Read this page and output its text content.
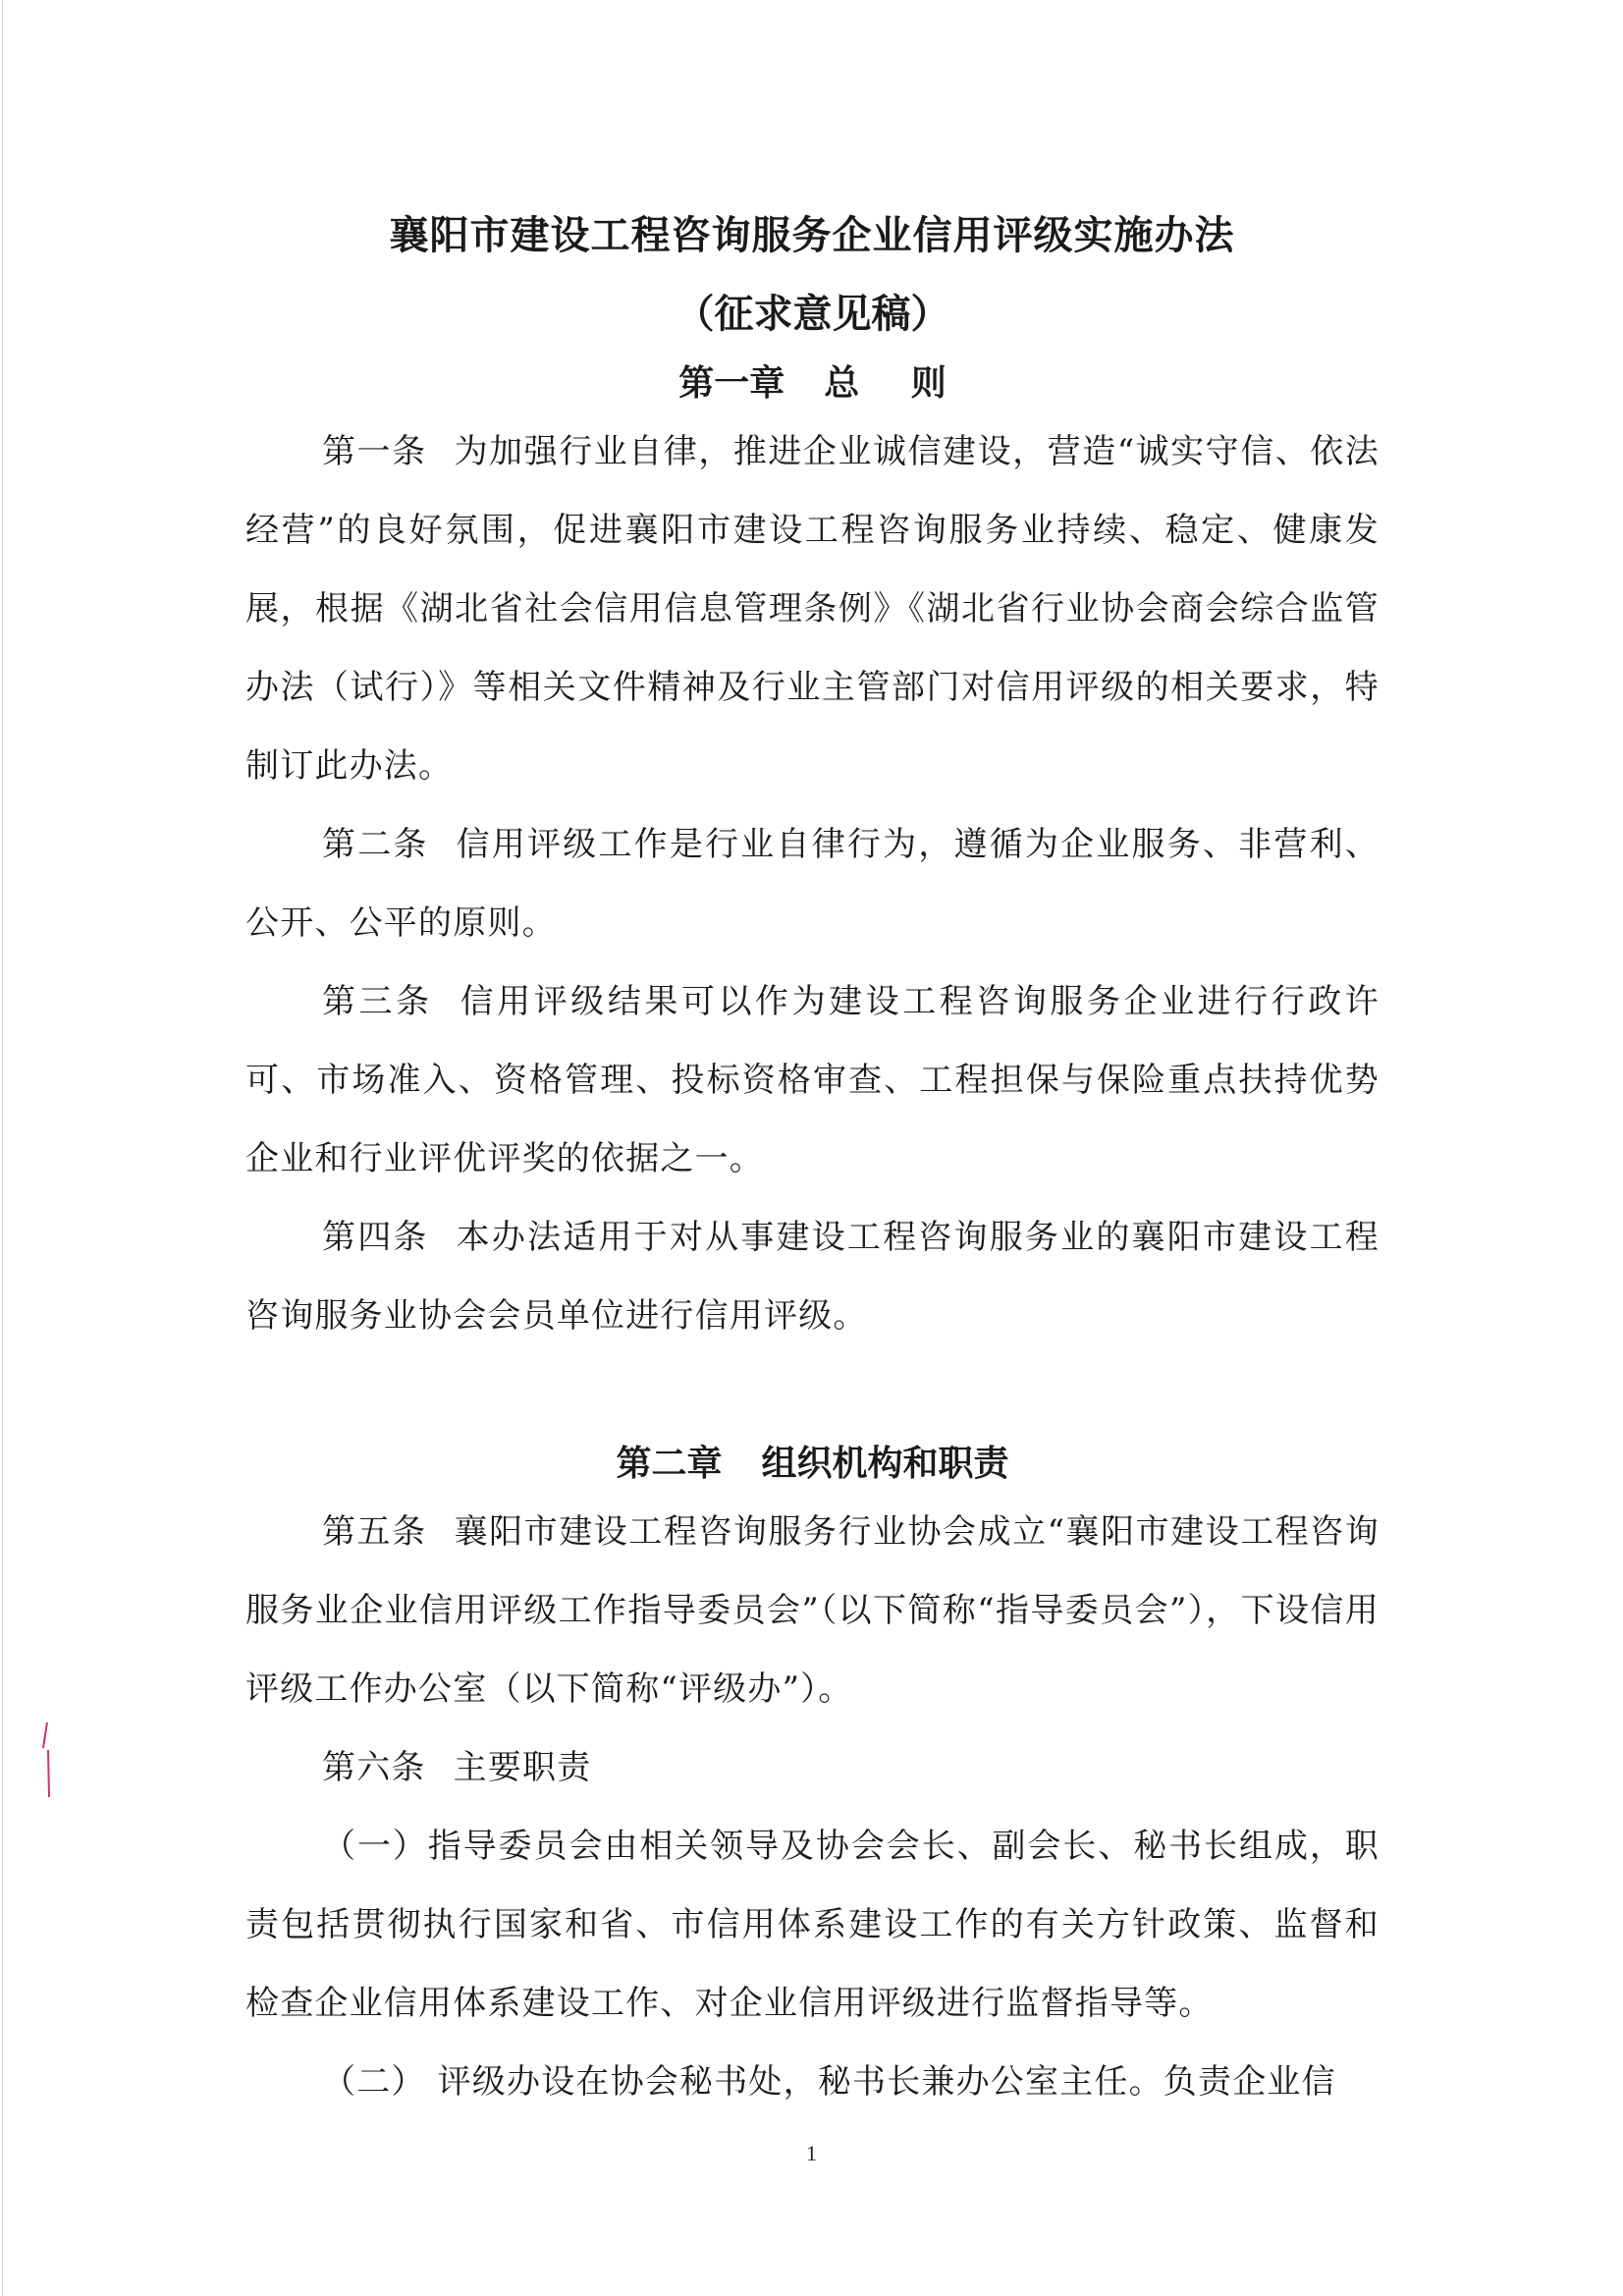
襄阳市建设工程咨询服务企业信用评级实施办法
（征求意见稿）
第一章 总 则

第一条 为加强行业自律，推进企业诚信建设，营造“诚实守信、依法经营”的良好氛围，促进襄阳市建设工程咨询服务业持续、稳定、健康发展，根据《湖北省社会信用信息管理条例》《湖北省行业协会商会综合监管办法（试行）》等相关文件精神及行业主管部门对信用评级的相关要求，特制订此办法。

第二条 信用评级工作是行业自律行为，遵循为企业服务、非营利、公开、公平的原则。

第三条 信用评级结果可以作为建设工程咨询服务企业进行行政许可、市场准入、资格管理、投标资格审查、工程担保与保险重点扶持优势企业和行业评优评奖的依据之一。

第四条 本办法适用于对从事建设工程咨询服务业的襄阳市建设工程咨询服务业协会会员单位进行信用评级。

第二章 组织机构和职责

第五条 襄阳市建设工程咨询服务行业协会成立“襄阳市建设工程咨询服务业企业信用评级工作指导委员会”（以下简称“指导委员会”），下设信用评级工作办公室（以下简称“评级办”）。

第六条 主要职责

（一）指导委员会由相关领导及协会会长、副会长、秘书长组成，职责包括贯彻执行国家和省、市信用体系建设工作的有关方针政策、监督和检查企业信用体系建设工作、对企业信用评级进行监督指导等。

（二） 评级办设在协会秘书处，秘书长兼办公室主任。负责企业信

1
